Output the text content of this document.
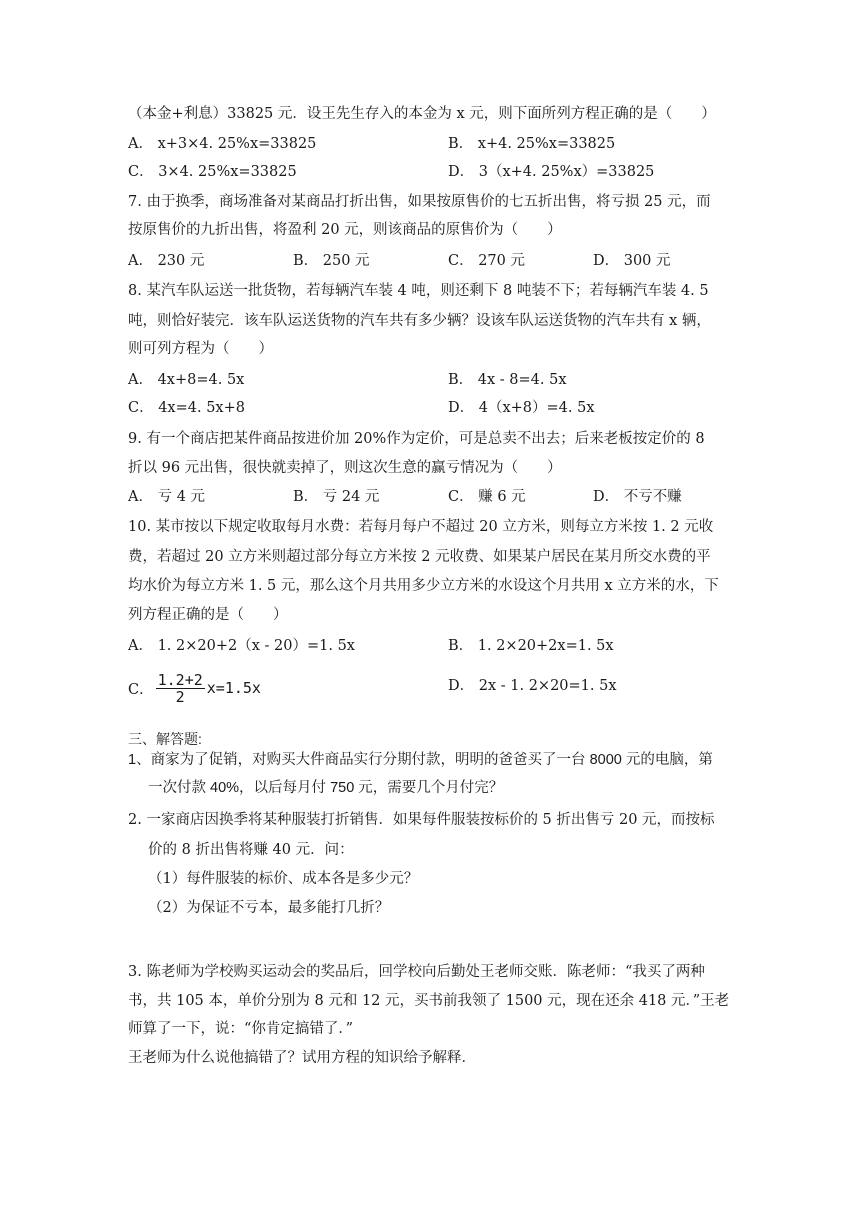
（本金+利息）33825 元．设王先生存入的本金为 x 元，则下面所列方程正确的是（　　）
A． x+3×4. 25%x=33825	B． x+4. 25%x=33825
C． 3×4. 25%x=33825	D． 3（x+4. 25%x）=33825
7. 由于换季，商场准备对某商品打折出售，如果按原售价的七五折出售，将亏损 25 元，而
按原售价的九折出售，将盈利 20 元，则该商品的原售价为（　　）
A． 230 元	B． 250 元	C． 270 元	D． 300 元
8. 某汽车队运送一批货物，若每辆汽车装 4 吨，则还剩下 8 吨装不下；若每辆汽车装 4. 5
吨，则恰好装完．该车队运送货物的汽车共有多少辆？设该车队运送货物的汽车共有 x 辆，
则可列方程为（　　）
A． 4x+8=4. 5x	B． 4x - 8=4. 5x
C． 4x=4. 5x+8	D． 4（x+8）=4. 5x
9. 有一个商店把某件商品按进价加 20%作为定价，可是总卖不出去；后来老板按定价的 8
折以 96 元出售，很快就卖掉了，则这次生意的赢亏情况为（　　）
A． 亏 4 元	B． 亏 24 元	C． 赚 6 元	D． 不亏不赚
10. 某市按以下规定收取每月水费：若每月每户不超过 20 立方米，则每立方米按 1. 2 元收
费，若超过 20 立方米则超过部分每立方米按 2 元收费、如果某户居民在某月所交水费的平
均水价为每立方米 1. 5 元，那么这个月共用多少立方米的水设这个月共用 x 立方米的水，下
列方程正确的是（　　）
A． 1. 2×20+2（x - 20）=1. 5x	B． 1. 2×20+2x=1. 5x
C． $\frac{1.2+2}{2} x=1.5x$	D． 2x - 1. 2×20=1. 5x
三、解答题:
1、商家为了促销，对购买大件商品实行分期付款，明明的爸爸买了一台 8000 元的电脑，第
一次付款 40%，以后每月付 750 元，需要几个月付完？
2. 一家商店因换季将某种服装打折销售．如果每件服装按标价的 5 折出售亏 20 元，而按标
价的 8 折出售将赚 40 元．问：
（1）每件服装的标价、成本各是多少元？
（2）为保证不亏本，最多能打几折？
3. 陈老师为学校购买运动会的奖品后，回学校向后勤处王老师交账．陈老师：“我买了两种
书，共 105 本，单价分别为 8 元和 12 元，买书前我领了 1500 元，现在还余 418 元．”王老
师算了一下，说：“你肯定搞错了．”
王老师为什么说他搞错了？试用方程的知识给予解释．
